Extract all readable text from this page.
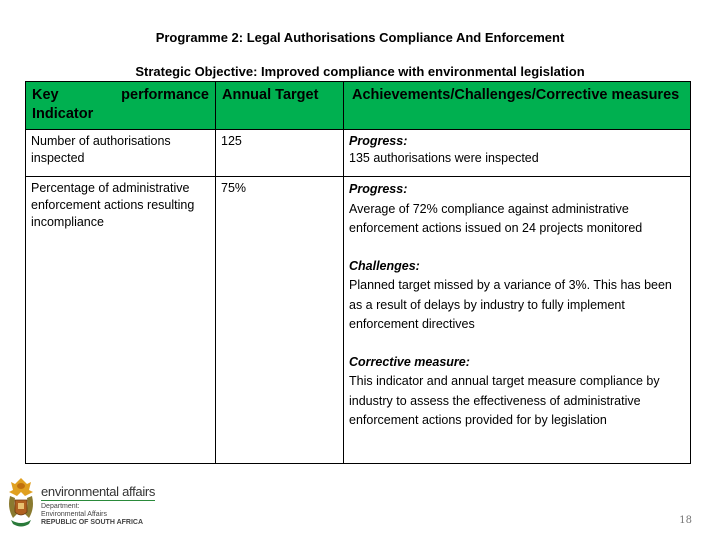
Programme 2: Legal Authorisations Compliance And Enforcement
Strategic Objective: Improved compliance with environmental legislation
Key performance
Indicator	Annual Target	Achievements/Challenges/Corrective measures
Number of authorisations inspected	125	Progress:
135 authorisations were inspected
Percentage of administrative enforcement actions resulting incompliance	75%	Progress:
Average of 72% compliance against administrative enforcement actions issued on 24 projects monitored
Challenges:
Planned target missed by a variance of 3%. This has been as a result of delays by industry to fully implement enforcement directives
Corrective measure:
This indicator and annual target measure compliance by industry to assess the effectiveness of administrative enforcement actions provided for by legislation
environmental affairs
Department:
Environmental Affairs
REPUBLIC OF SOUTH AFRICA	18
